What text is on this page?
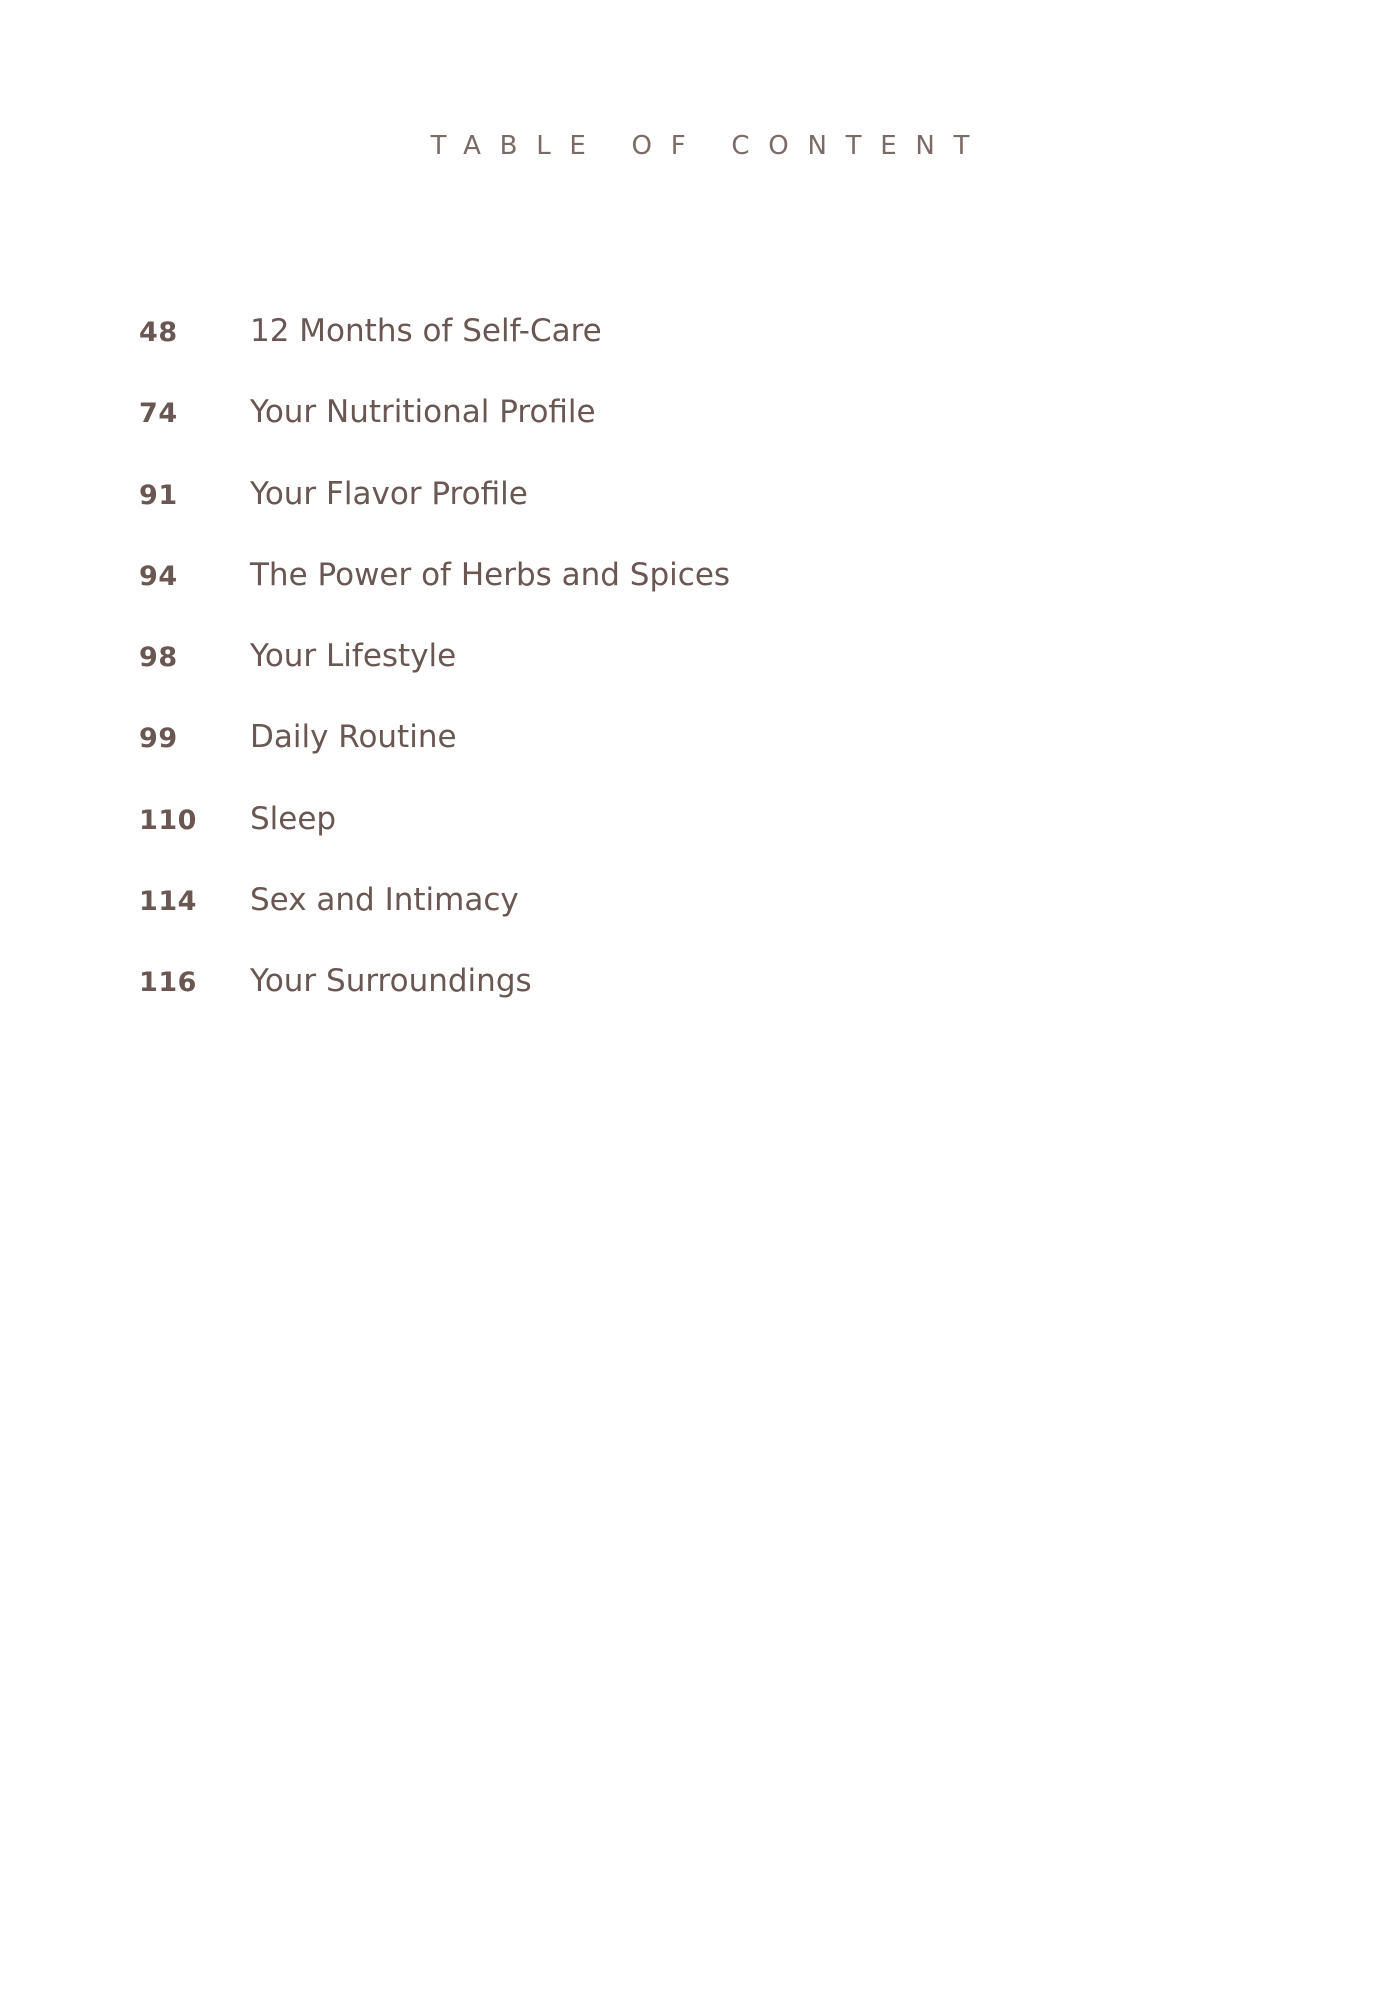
TABLE OF CONTENT
48	12 Months of Self-Care
74	Your Nutritional Profile
91	Your Flavor Profile
94	The Power of Herbs and Spices
98	Your Lifestyle
99	Daily Routine
110	Sleep
114	Sex and Intimacy
116	Your Surroundings
